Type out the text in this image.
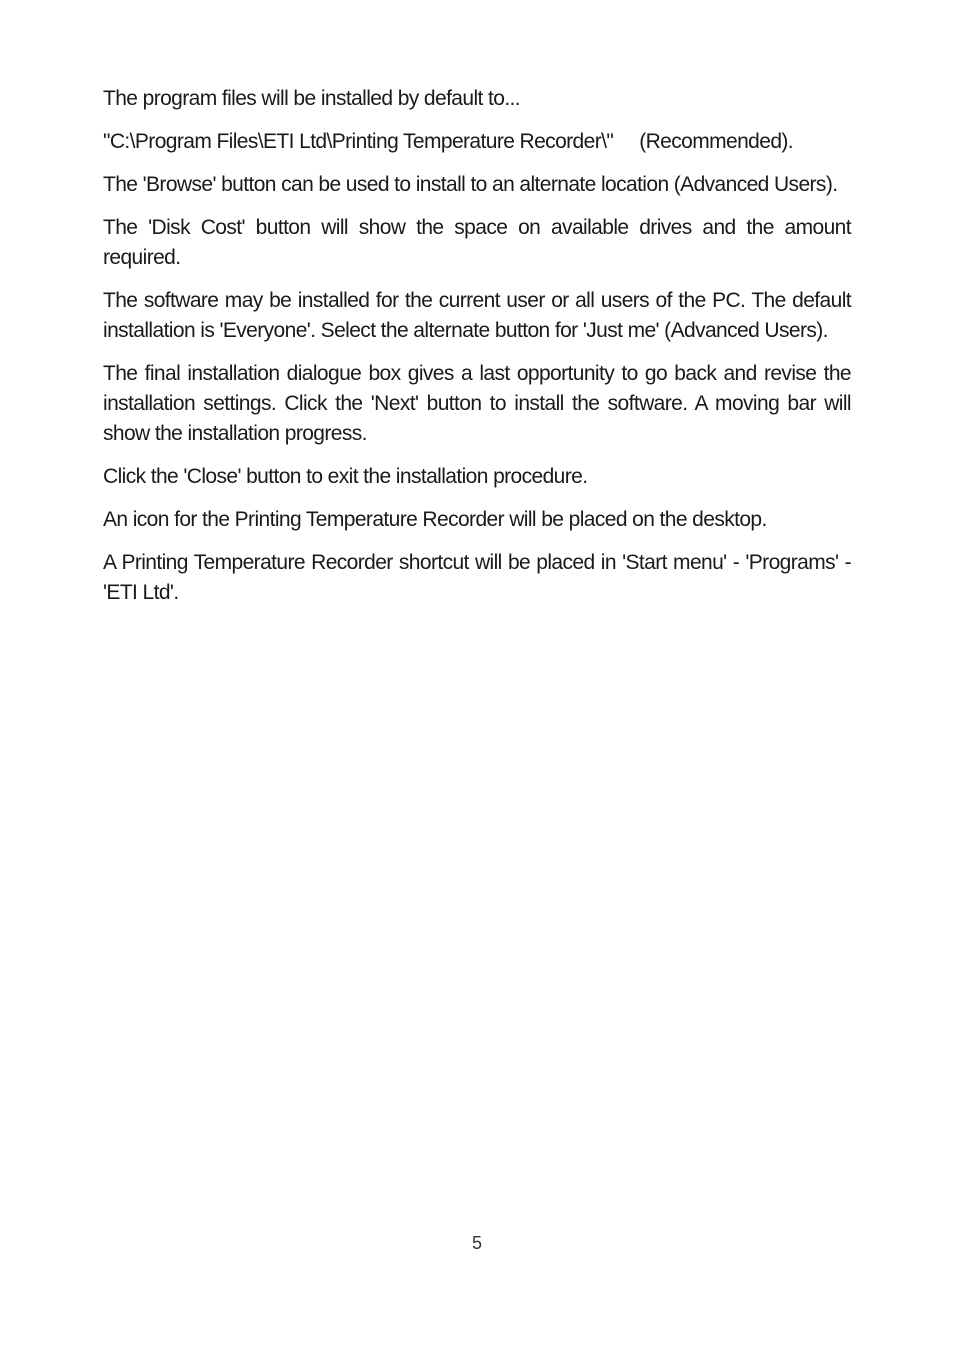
The program files will be installed by default to...

"C:\Program Files\ETI Ltd\Printing Temperature Recorder\" (Recommended).

The 'Browse' button can be used to install to an alternate location (Advanced Users).

The 'Disk Cost' button will show the space on available drives and the amount required.

The software may be installed for the current user or all users of the PC. The default installation is 'Everyone'. Select the alternate button for 'Just me' (Advanced Users).

The final installation dialogue box gives a last opportunity to go back and revise the installation settings. Click the 'Next' button to install the software. A moving bar will show the installation progress.

Click the 'Close' button to exit the installation procedure.

An icon for the Printing Temperature Recorder will be placed on the desktop.

A Printing Temperature Recorder shortcut will be placed in 'Start menu' - 'Programs' - 'ETI Ltd'.

5
